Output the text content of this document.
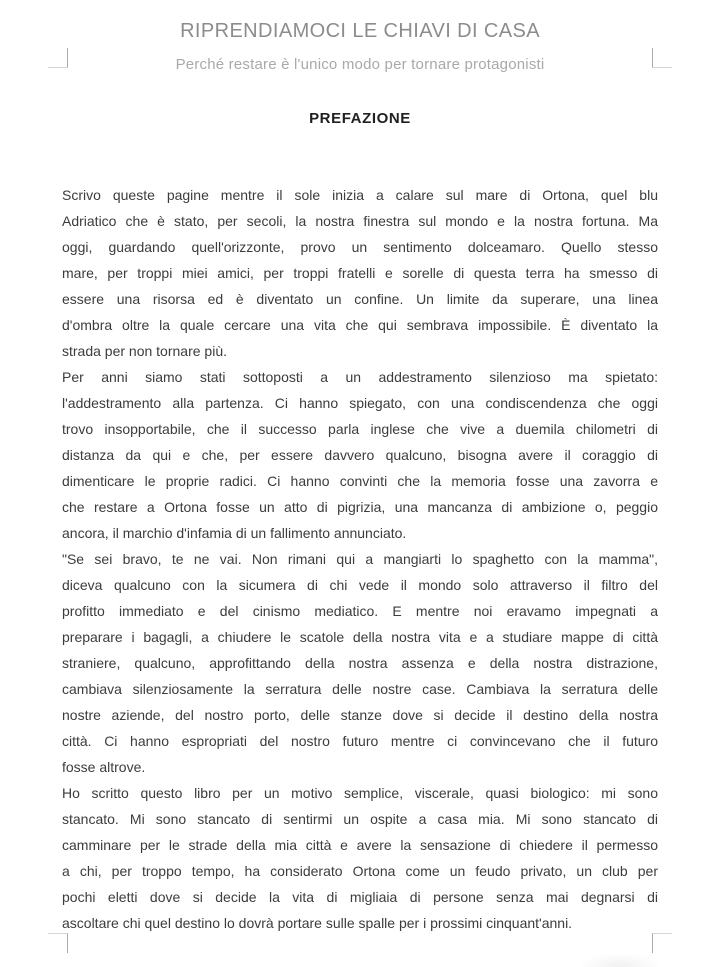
RIPRENDIAMOCI LE CHIAVI DI CASA
Perché restare è l'unico modo per tornare protagonisti
PREFAZIONE
Scrivo queste pagine mentre il sole inizia a calare sul mare di Ortona, quel blu
Adriatico che è stato, per secoli, la nostra finestra sul mondo e la nostra fortuna. Ma
oggi, guardando quell'orizzonte, provo un sentimento dolceamaro. Quello stesso
mare, per troppi miei amici, per troppi fratelli e sorelle di questa terra ha smesso di
essere una risorsa ed è diventato un confine. Un limite da superare, una linea
d'ombra oltre la quale cercare una vita che qui sembrava impossibile. È diventato la
strada per non tornare più.
Per anni siamo stati sottoposti a un addestramento silenzioso ma spietato:
l'addestramento alla partenza. Ci hanno spiegato, con una condiscendenza che oggi
trovo insopportabile, che il successo parla inglese che vive a duemila chilometri di
distanza da qui e che, per essere davvero qualcuno, bisogna avere il coraggio di
dimenticare le proprie radici. Ci hanno convinti che la memoria fosse una zavorra e
che restare a Ortona fosse un atto di pigrizia, una mancanza di ambizione o, peggio
ancora, il marchio d'infamia di un fallimento annunciato.
"Se sei bravo, te ne vai. Non rimani qui a mangiarti lo spaghetto con la mamma",
diceva qualcuno con la sicumera di chi vede il mondo solo attraverso il filtro del
profitto immediato e del cinismo mediatico. E mentre noi eravamo impegnati a
preparare i bagagli, a chiudere le scatole della nostra vita e a studiare mappe di città
straniere, qualcuno, approfittando della nostra assenza e della nostra distrazione,
cambiava silenziosamente la serratura delle nostre case. Cambiava la serratura delle
nostre aziende, del nostro porto, delle stanze dove si decide il destino della nostra
città. Ci hanno espropriati del nostro futuro mentre ci convincevano che il futuro
fosse altrove.
Ho scritto questo libro per un motivo semplice, viscerale, quasi biologico: mi sono
stancato. Mi sono stancato di sentirmi un ospite a casa mia. Mi sono stancato di
camminare per le strade della mia città e avere la sensazione di chiedere il permesso
a chi, per troppo tempo, ha considerato Ortona come un feudo privato, un club per
pochi eletti dove si decide la vita di migliaia di persone senza mai degnarsi di
ascoltare chi quel destino lo dovrà portare sulle spalle per i prossimi cinquant'anni.
